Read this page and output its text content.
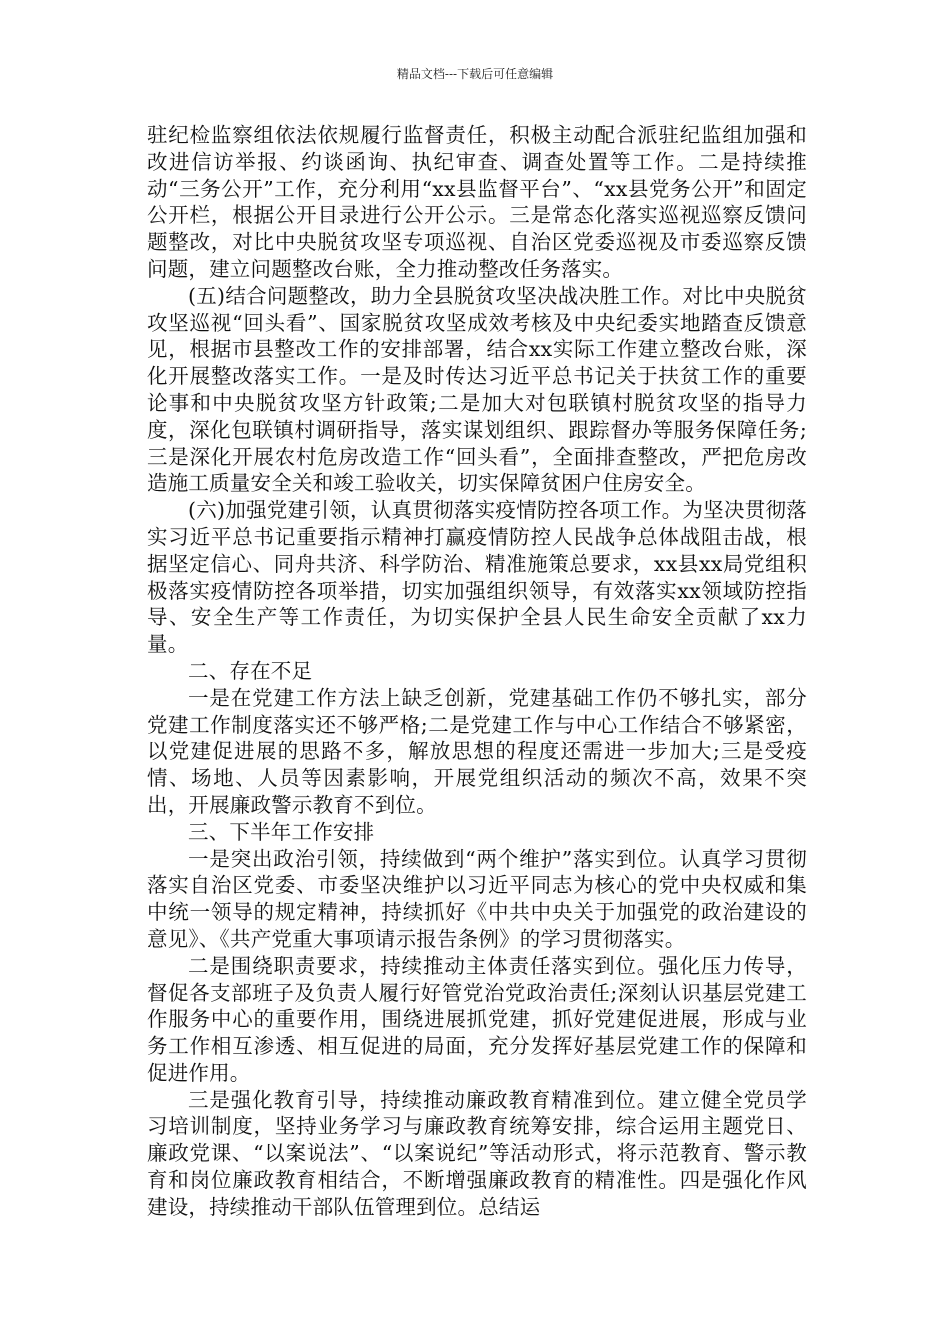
精品文档---下载后可任意编辑

驻纪检监察组依法依规履行监督责任，积极主动配合派驻纪监组加强和改进信访举报、约谈函询、执纪审查、调查处置等工作。二是持续推动“三务公开”工作，充分利用“xx县监督平台”、“xx县党务公开”和固定公开栏，根据公开目录进行公开公示。三是常态化落实巡视巡察反馈问题整改，对比中央脱贫攻坚专项巡视、自治区党委巡视及市委巡察反馈问题，建立问题整改台账，全力推动整改任务落实。

(五)结合问题整改，助力全县脱贫攻坚决战决胜工作。对比中央脱贫攻坚巡视“回头看”、国家脱贫攻坚成效考核及中央纪委实地踏查反馈意见，根据市县整改工作的安排部署，结合xx实际工作建立整改台账，深化开展整改落实工作。一是及时传达习近平总书记关于扶贫工作的重要论事和中央脱贫攻坚方针政策;二是加大对包联镇村脱贫攻坚的指导力度，深化包联镇村调研指导，落实谋划组织、跟踪督办等服务保障任务;三是深化开展农村危房改造工作“回头看”，全面排查整改，严把危房改造施工质量安全关和竣工验收关，切实保障贫困户住房安全。

(六)加强党建引领，认真贯彻落实疫情防控各项工作。为坚决贯彻落实习近平总书记重要指示精神打赢疫情防控人民战争总体战阻击战，根据坚定信心、同舟共济、科学防治、精准施策总要求，xx县xx局党组积极落实疫情防控各项举措，切实加强组织领导，有效落实xx领域防控指导、安全生产等工作责任，为切实保护全县人民生命安全贡献了xx力量。

二、存在不足

一是在党建工作方法上缺乏创新，党建基础工作仍不够扎实，部分党建工作制度落实还不够严格;二是党建工作与中心工作结合不够紧密，以党建促进展的思路不多，解放思想的程度还需进一步加大;三是受疫情、场地、人员等因素影响，开展党组织活动的频次不高，效果不突出，开展廉政警示教育不到位。

三、下半年工作安排

一是突出政治引领，持续做到“两个维护”落实到位。认真学习贯彻落实自治区党委、市委坚决维护以习近平同志为核心的党中央权威和集中统一领导的规定精神，持续抓好《中共中央关于加强党的政治建设的意见》、《共产党重大事项请示报告条例》的学习贯彻落实。

二是围绕职责要求，持续推动主体责任落实到位。强化压力传导，督促各支部班子及负责人履行好管党治党政治责任;深刻认识基层党建工作服务中心的重要作用，围绕进展抓党建，抓好党建促进展，形成与业务工作相互渗透、相互促进的局面，充分发挥好基层党建工作的保障和促进作用。

三是强化教育引导，持续推动廉政教育精准到位。建立健全党员学习培训制度，坚持业务学习与廉政教育统筹安排，综合运用主题党日、廉政党课、“以案说法”、“以案说纪”等活动形式，将示范教育、警示教育和岗位廉政教育相结合，不断增强廉政教育的精准性。四是强化作风建设，持续推动干部队伍管理到位。总结运
